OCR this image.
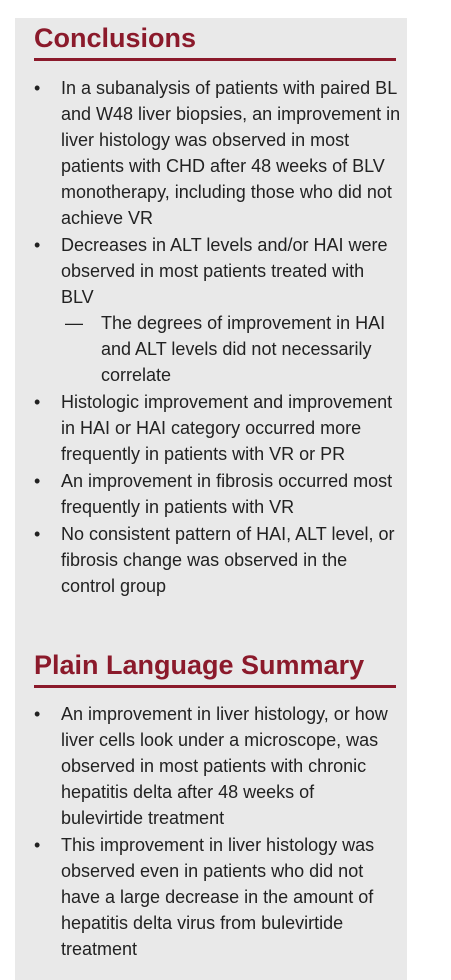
Conclusions
• In a subanalysis of patients with paired BL and W48 liver biopsies, an improvement in liver histology was observed in most patients with CHD after 48 weeks of BLV monotherapy, including those who did not achieve VR
• Decreases in ALT levels and/or HAI were observed in most patients treated with BLV
— The degrees of improvement in HAI and ALT levels did not necessarily correlate
• Histologic improvement and improvement in HAI or HAI category occurred more frequently in patients with VR or PR
• An improvement in fibrosis occurred most frequently in patients with VR
• No consistent pattern of HAI, ALT level, or fibrosis change was observed in the control group
Plain Language Summary
• An improvement in liver histology, or how liver cells look under a microscope, was observed in most patients with chronic hepatitis delta after 48 weeks of bulevirtide treatment
• This improvement in liver histology was observed even in patients who did not have a large decrease in the amount of hepatitis delta virus from bulevirtide treatment
